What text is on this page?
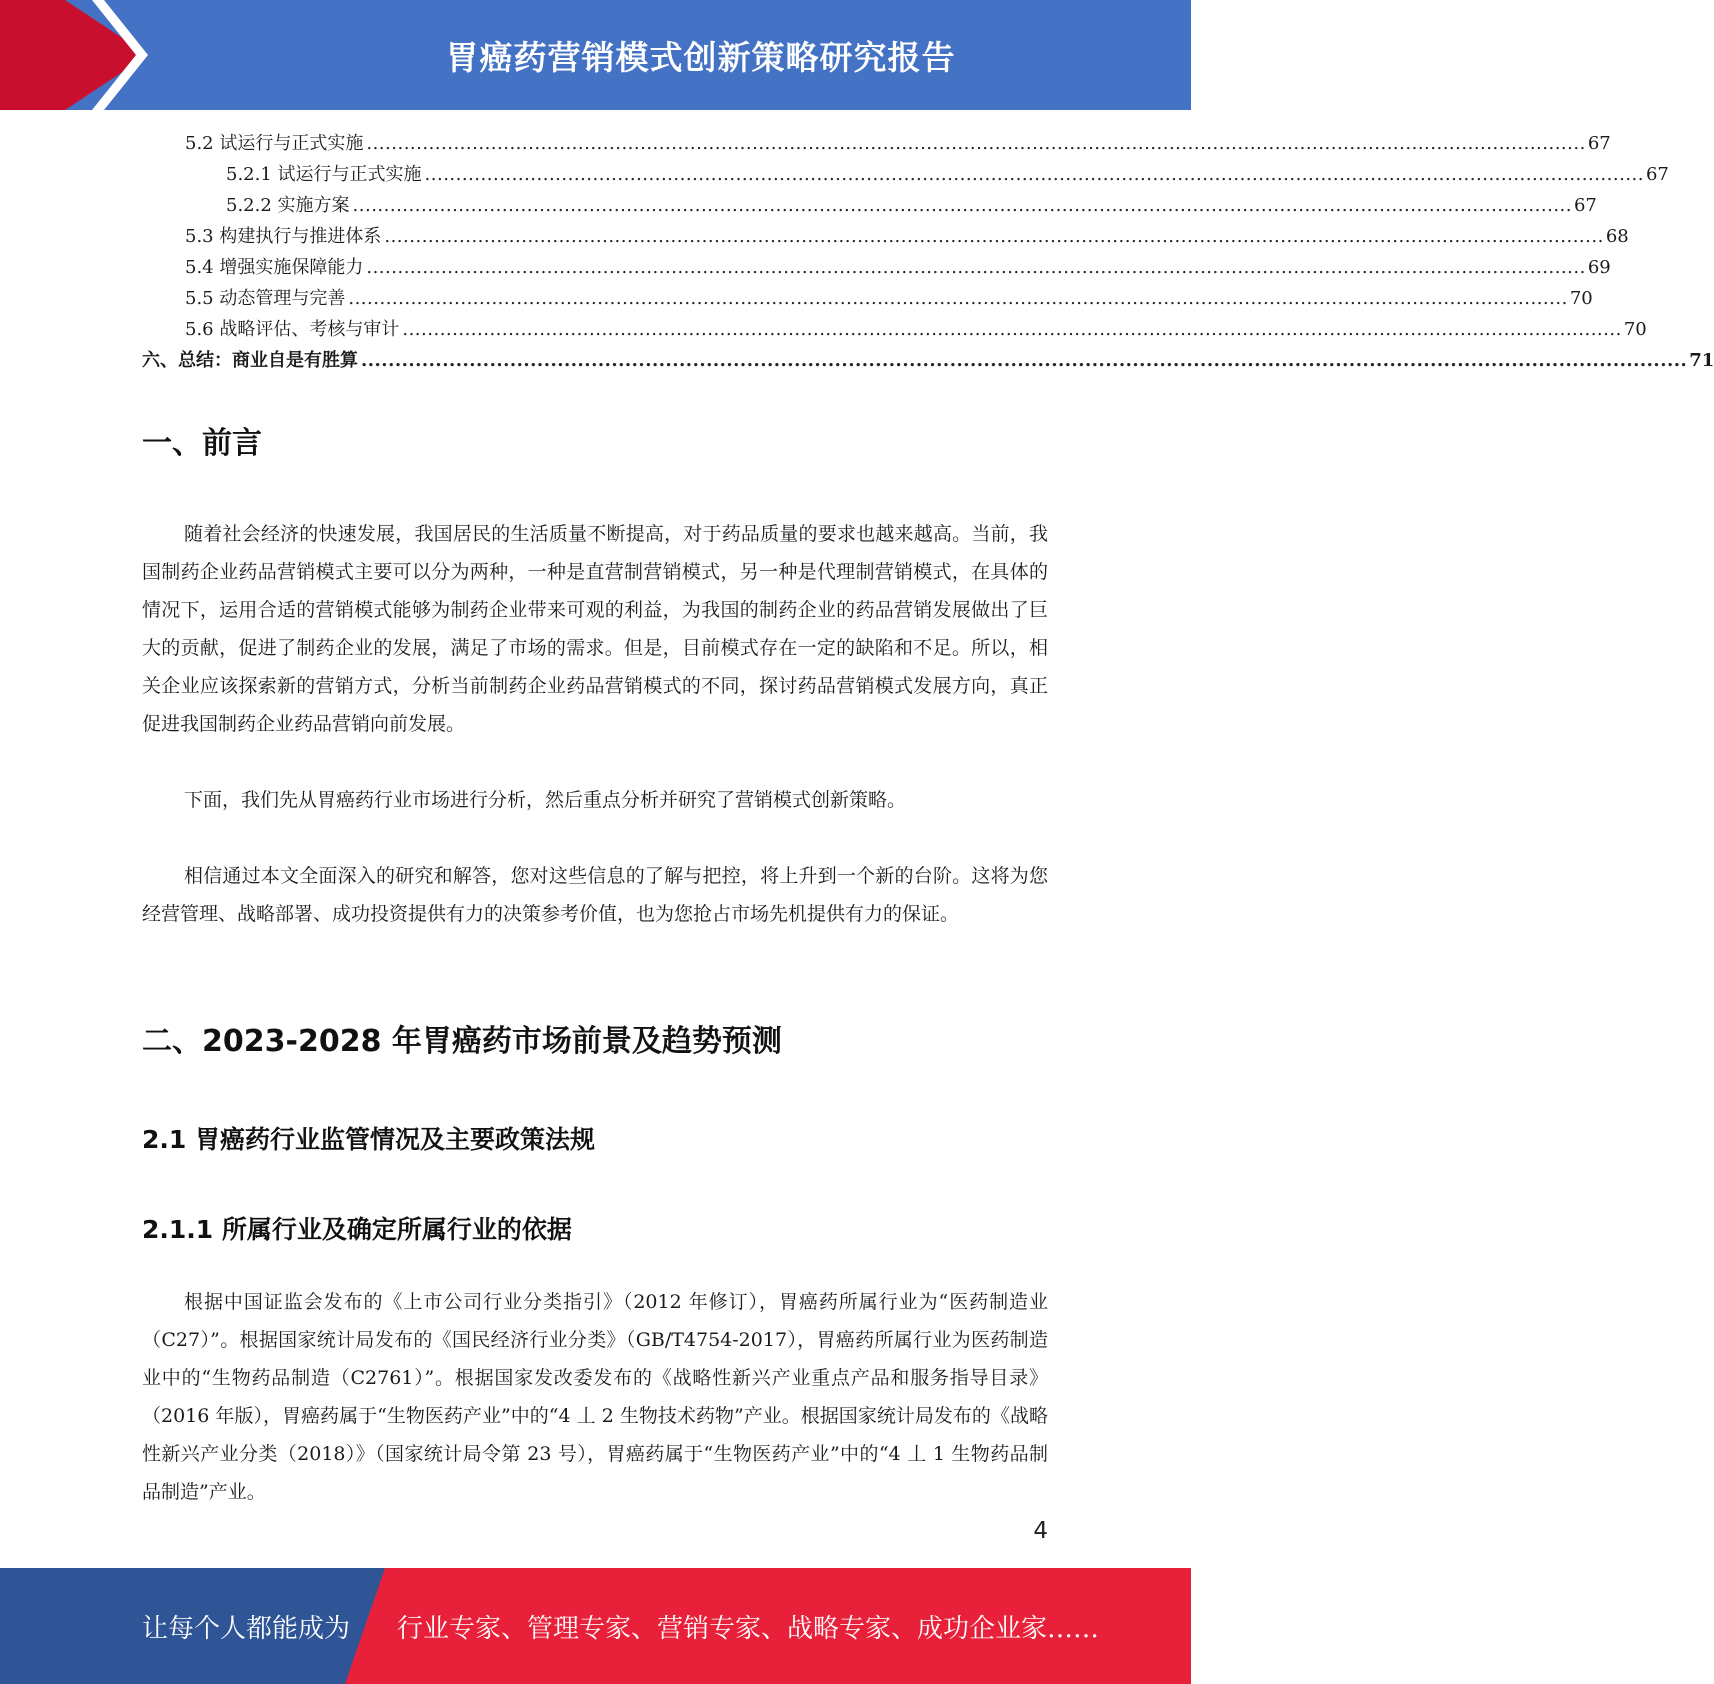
胃癌药营销模式创新策略研究报告
5.2 试运行与正式实施 .................................................................................................................................................................................................... 67
5.2.1 试运行与正式实施 .................................................................................................................................................................................................... 67
5.2.2 实施方案 .................................................................................................................................................................................................... 67
5.3 构建执行与推进体系 .................................................................................................................................................................................................... 68
5.4 增强实施保障能力 .................................................................................................................................................................................................... 69
5.5 动态管理与完善 .................................................................................................................................................................................................... 70
5.6 战略评估、考核与审计 .................................................................................................................................................................................................... 70
六、总结：商业自是有胜算 .................................................................................................................................................................................................... 71
一、前言

随着社会经济的快速发展，我国居民的生活质量不断提高，对于药品质量的要求也越来越高。当前，我国制药企业药品营销模式主要可以分为两种，一种是直营制营销模式，另一种是代理制营销模式，在具体的情况下，运用合适的营销模式能够为制药企业带来可观的利益，为我国的制药企业的药品营销发展做出了巨大的贡献，促进了制药企业的发展，满足了市场的需求。但是，目前模式存在一定的缺陷和不足。所以，相关企业应该探索新的营销方式，分析当前制药企业药品营销模式的不同，探讨药品营销模式发展方向，真正促进我国制药企业药品营销向前发展。

下面，我们先从胃癌药行业市场进行分析，然后重点分析并研究了营销模式创新策略。

相信通过本文全面深入的研究和解答，您对这些信息的了解与把控，将上升到一个新的台阶。这将为您经营管理、战略部署、成功投资提供有力的决策参考价值，也为您抢占市场先机提供有力的保证。

二、2023-2028 年胃癌药市场前景及趋势预测
2.1 胃癌药行业监管情况及主要政策法规
2.1.1 所属行业及确定所属行业的依据

根据中国证监会发布的《上市公司行业分类指引》（2012 年修订），胃癌药所属行业为“医药制造业（C27）”。根据国家统计局发布的《国民经济行业分类》（GB/T4754-2017），胃癌药所属行业为医药制造业中的“生物药品制造（C2761）”。根据国家发改委发布的《战略性新兴产业重点产品和服务指导目录》（2016 年版），胃癌药属于“生物医药产业”中的“4 丄 2 生物技术药物”产业。根据国家统计局发布的《战略性新兴产业分类（2018）》（国家统计局令第 23 号），胃癌药属于“生物医药产业”中的“4 丄 1 生物药品制品制造”产业。

4
让每个人都能成为 行业专家、管理专家、营销专家、战略专家、成功企业家……
